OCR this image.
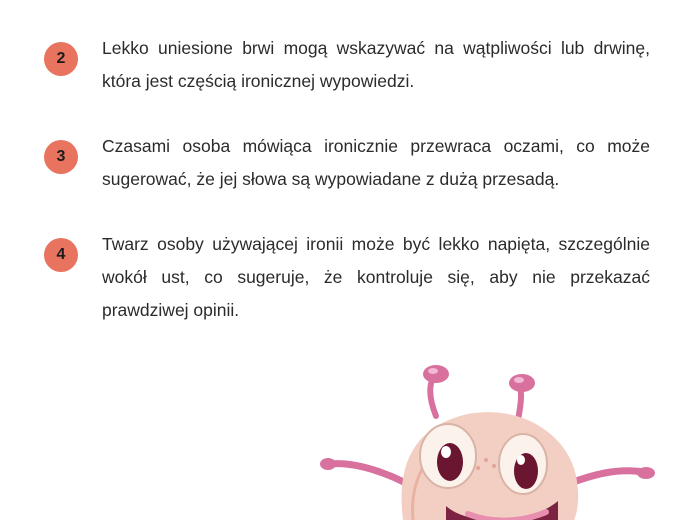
2
Lekko uniesione brwi mogą wskazywać na wątpliwości lub drwinę, która jest częścią ironicznej wypowiedzi.
3
Czasami osoba mówiąca ironicznie przewraca oczami, co może sugerować, że jej słowa są wypowiadane z dużą przesadą.
4
Twarz osoby używającej ironii może być lekko napięta, szczególnie wokół ust, co sugeruje, że kontroluje się, aby nie przekazać prawdziwej opinii.
